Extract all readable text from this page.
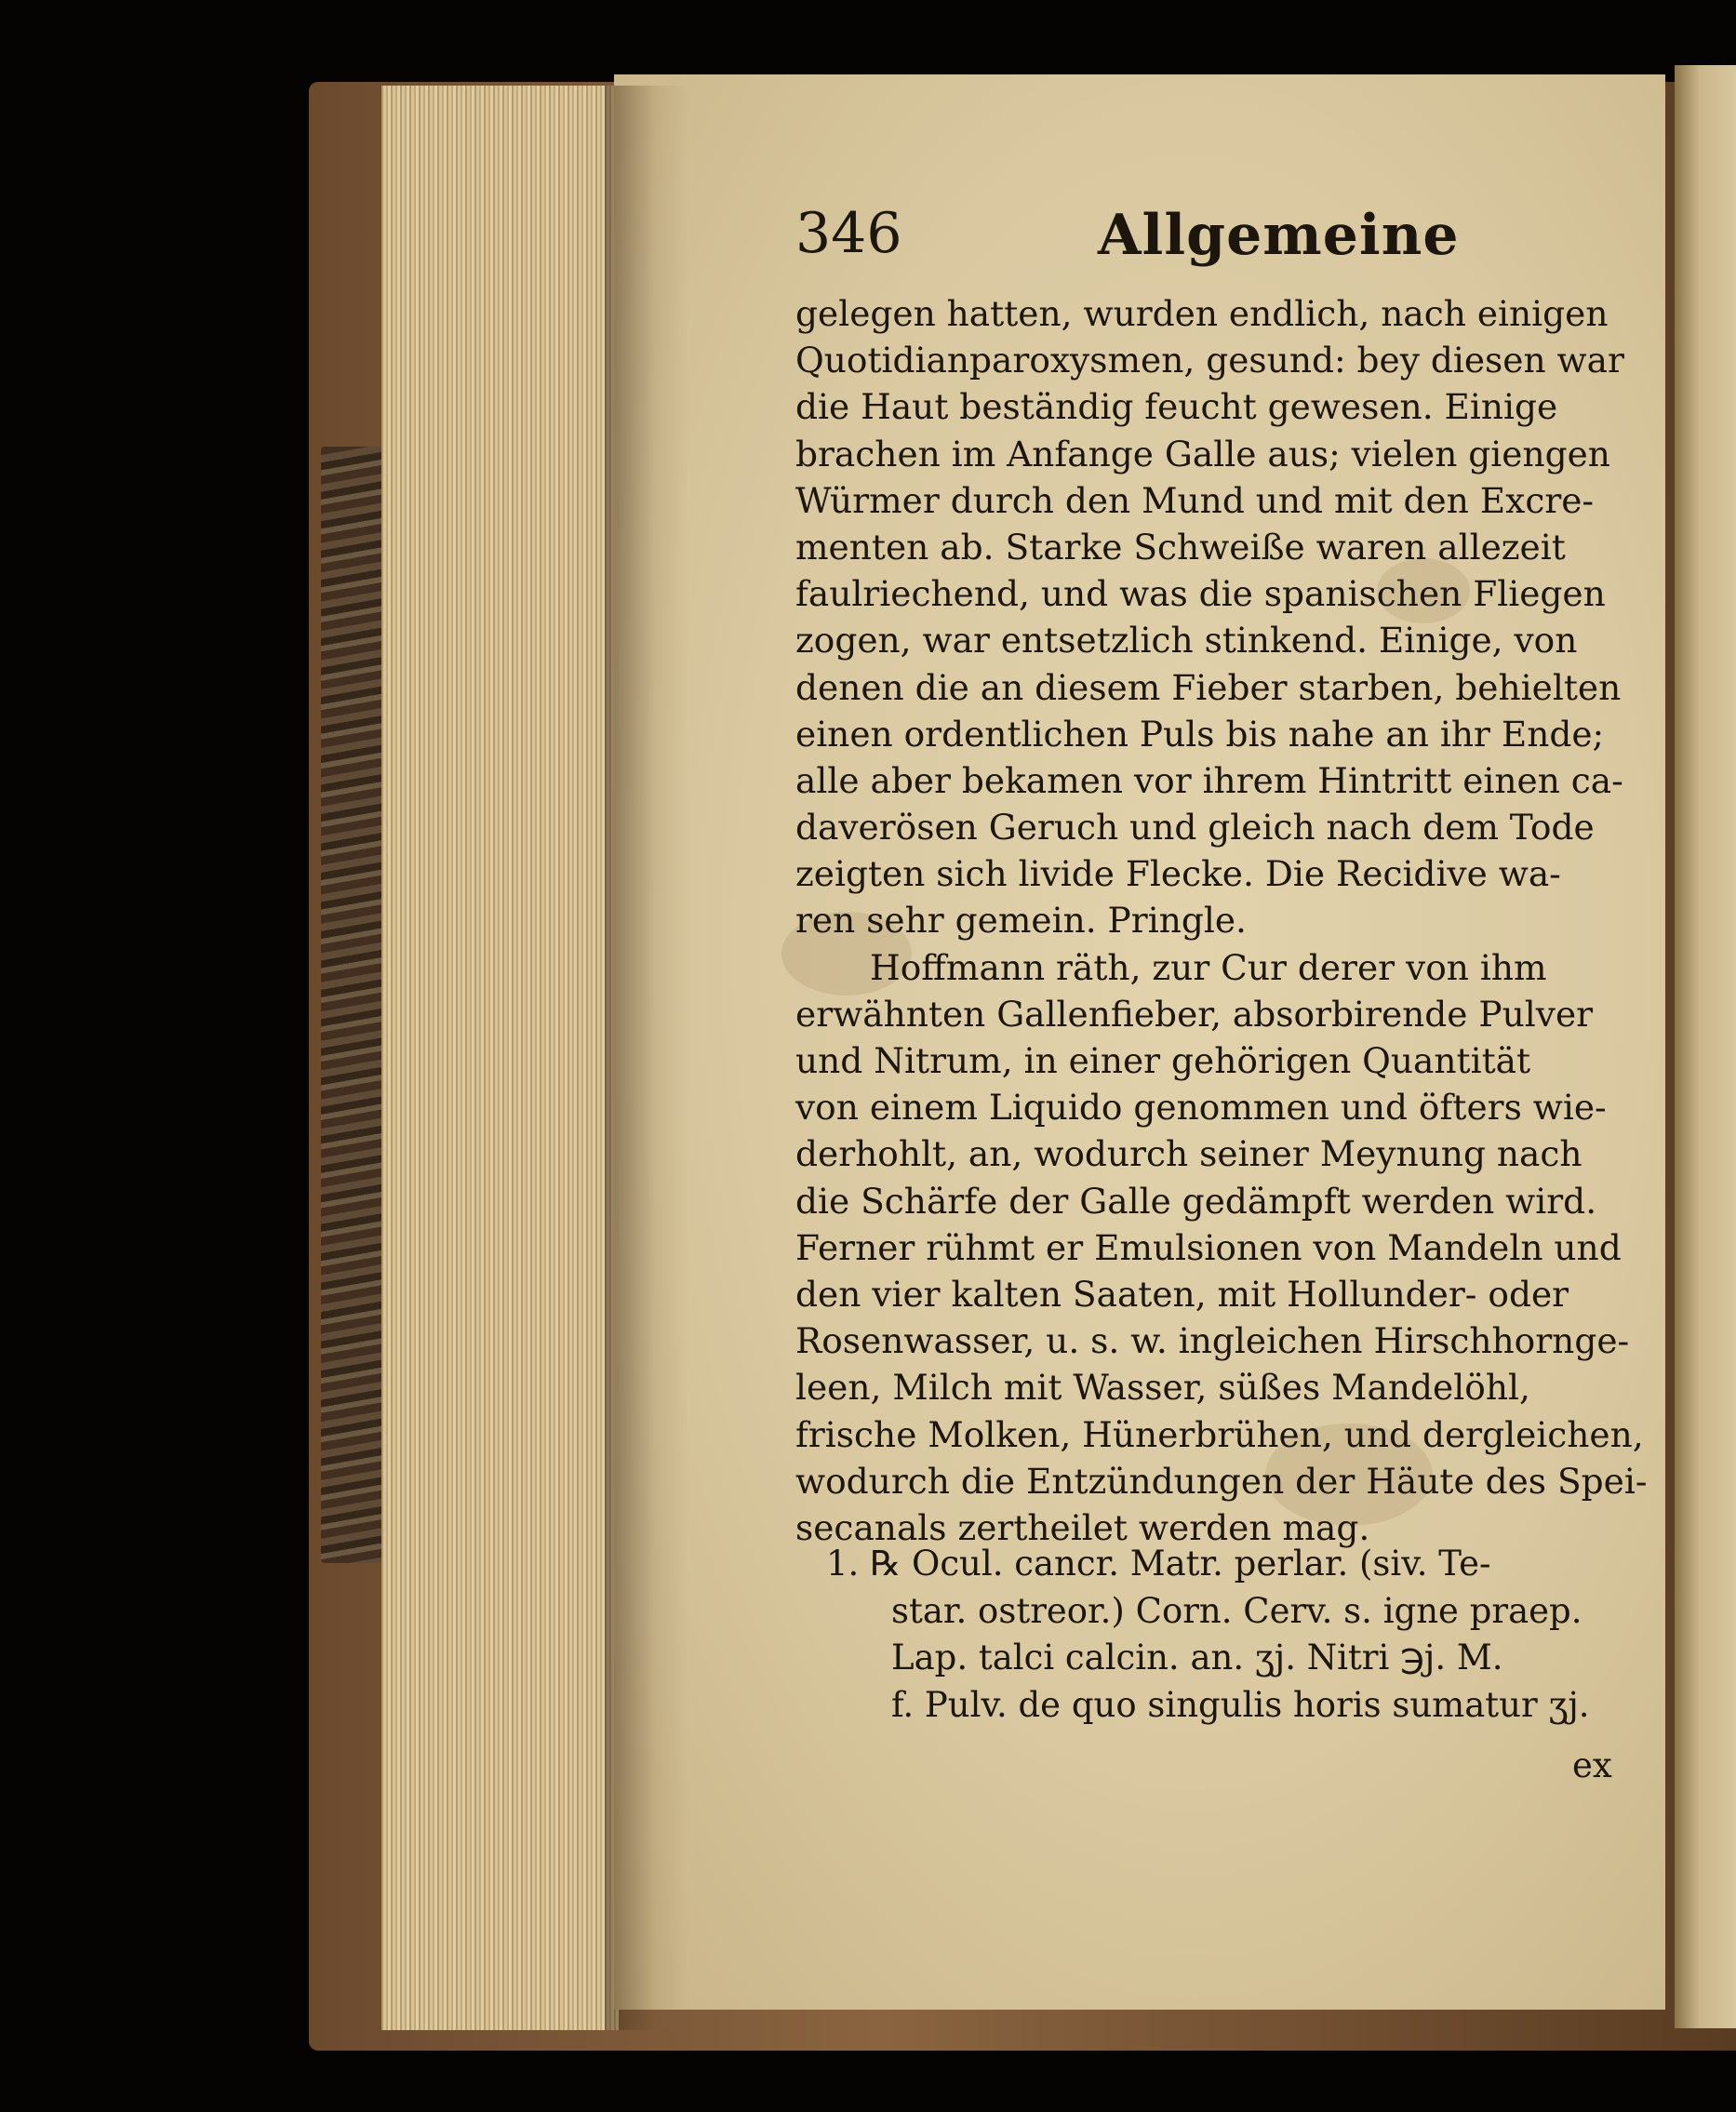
346	Allgemeine
gelegen hatten, wurden endlich, nach einigen
Quotidianparoxysmen, gesund: bey diesen war
die Haut beständig feucht gewesen. Einige
brachen im Anfange Galle aus; vielen giengen
Würmer durch den Mund und mit den Excre-
menten ab. Starke Schweiße waren allezeit
faulriechend, und was die spanischen Fliegen
zogen, war entsetzlich stinkend. Einige, von
denen die an diesem Fieber starben, behielten
einen ordentlichen Puls bis nahe an ihr Ende;
alle aber bekamen vor ihrem Hintritt einen ca-
daverösen Geruch und gleich nach dem Tode
zeigten sich livide Flecke. Die Recidive wa-
ren sehr gemein. Pringle.
Hoffmann räth, zur Cur derer von ihm
erwähnten Gallenfieber, absorbirende Pulver
und Nitrum, in einer gehörigen Quantität
von einem Liquido genommen und öfters wie-
derhohlt, an, wodurch seiner Meynung nach
die Schärfe der Galle gedämpft werden wird.
Ferner rühmt er Emulsionen von Mandeln und
den vier kalten Saaten, mit Hollunder- oder
Rosenwasser, u. s. w. ingleichen Hirschhornge-
leen, Milch mit Wasser, süßes Mandelöhl,
frische Molken, Hünerbrühen, und dergleichen,
wodurch die Entzündungen der Häute des Spei-
secanals zertheilet werden mag.
1. ℞ Ocul. cancr. Matr. perlar. (siv. Te-
star. ostreor.) Corn. Cerv. s. igne praep.
Lap. talci calcin. an. ʒj. Nitri ℈j. M.
f. Pulv. de quo singulis horis sumatur ʒj.
ex
